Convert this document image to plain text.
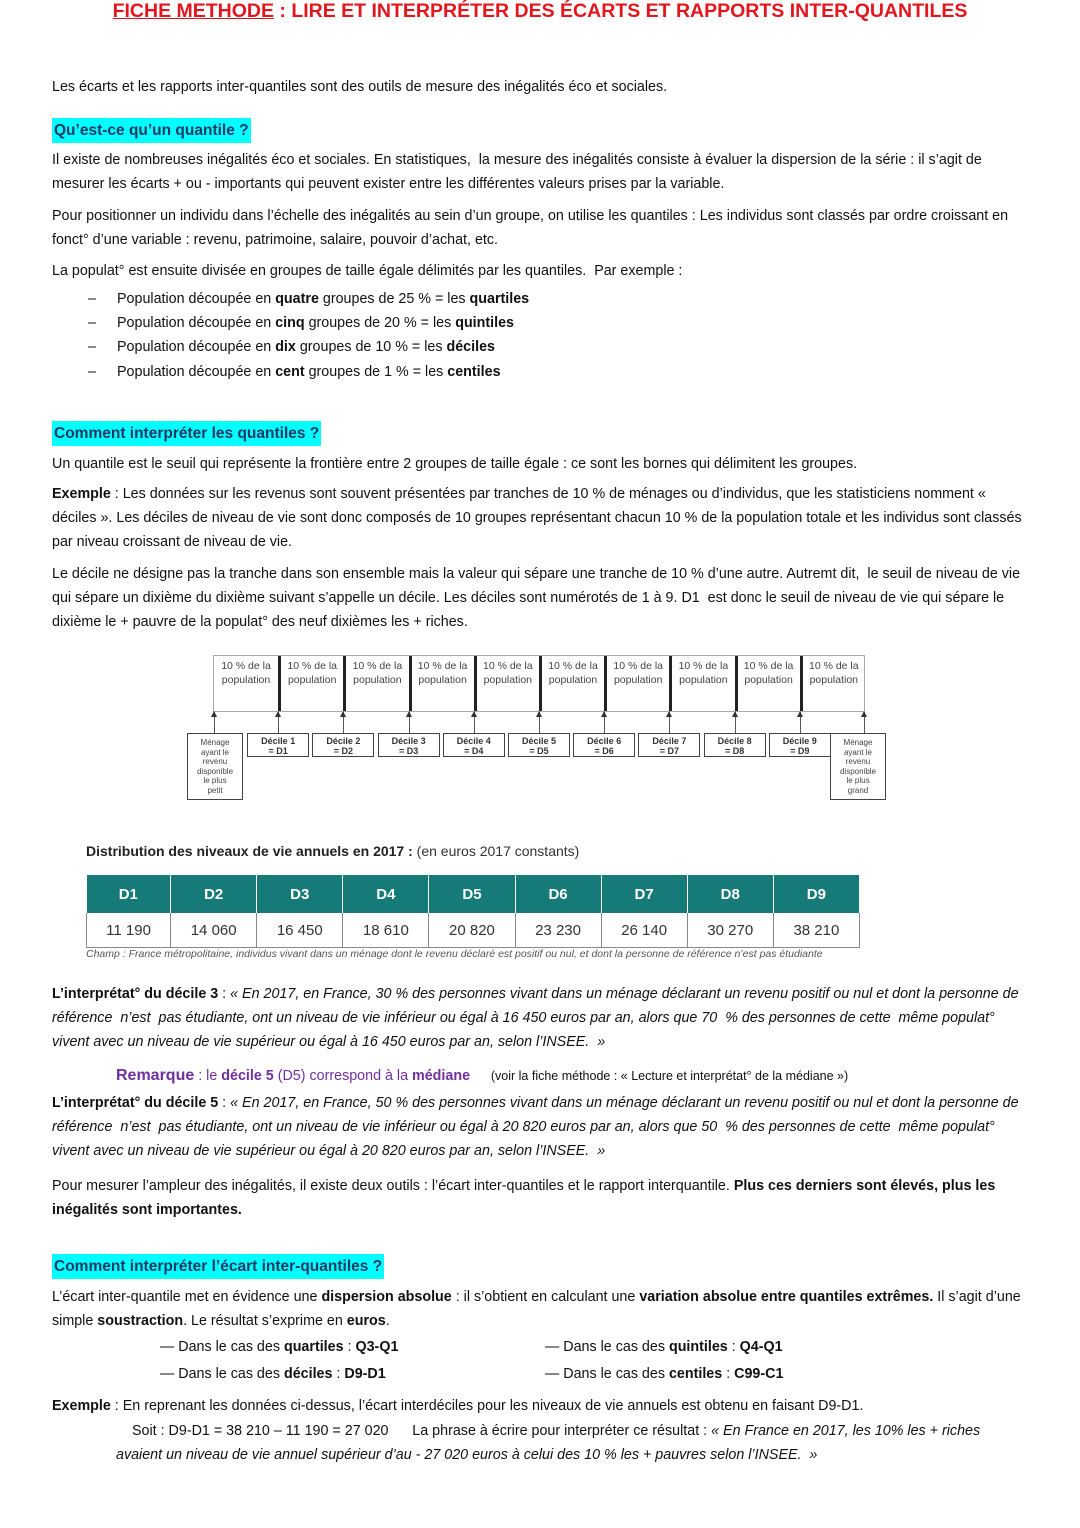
FICHE METHODE : LIRE ET INTERPRÉTER DES ÉCARTS ET RAPPORTS INTER-QUANTILES
Les écarts et les rapports inter-quantiles sont des outils de mesure des inégalités éco et sociales.
Qu’est-ce qu’un quantile ?
Il existe de nombreuses inégalités éco et sociales. En statistiques,  la mesure des inégalités consiste à évaluer la dispersion de la série : il s’agit de mesurer les écarts + ou - importants qui peuvent exister entre les différentes valeurs prises par la variable.
Pour positionner un individu dans l’échelle des inégalités au sein d’un groupe, on utilise les quantiles : Les individus sont classés par ordre croissant en fonct° d’une variable : revenu, patrimoine, salaire, pouvoir d’achat, etc.
La populat° est ensuite divisée en groupes de taille égale délimités par les quantiles.  Par exemple :
– Population découpée en quatre groupes de 25 % = les quartiles
– Population découpée en cinq groupes de 20 % = les quintiles
– Population découpée en dix groupes de 10 % = les déciles
– Population découpée en cent groupes de 1 % = les centiles
Comment interpréter les quantiles ?
Un quantile est le seuil qui représente la frontière entre 2 groupes de taille égale : ce sont les bornes qui délimitent les groupes.
Exemple : Les données sur les revenus sont souvent présentées par tranches de 10 % de ménages ou d’individus, que les statisticiens nomment « déciles ». Les déciles de niveau de vie sont donc composés de 10 groupes représentant chacun 10 % de la population totale et les individus sont classés par niveau croissant de niveau de vie.
Le décile ne désigne pas la tranche dans son ensemble mais la valeur qui sépare une tranche de 10 % d’une autre. Autremt dit,  le seuil de niveau de vie qui sépare un dixième du dixième suivant s’appelle un décile. Les déciles sont numérotés de 1 à 9. D1  est donc le seuil de niveau de vie qui sépare le dixième le + pauvre de la populat° des neuf dixièmes les + riches.
10 % de la
population
10 % de la
population
10 % de la
population
10 % de la
population
10 % de la
population
10 % de la
population
10 % de la
population
10 % de la
population
10 % de la
population
10 % de la
population
Ménage
ayant le
revenu
disponible
le plus
petit
Décile 1
= D1
Décile 2
= D2
Décile 3
= D3
Décile 4
= D4
Décile 5
= D5
Décile 6
= D6
Décile 7
= D7
Décile 8
= D8
Décile 9
= D9
Ménage
ayant le
revenu
disponible
le plus
grand
Distribution des niveaux de vie annuels en 2017 : (en euros 2017 constants)
D1	D2	D3	D4	D5	D6	D7	D8	D9
11 190	14 060	16 450	18 610	20 820	23 230	26 140	30 270	38 210
Champ : France métropolitaine, individus vivant dans un ménage dont le revenu déclaré est positif ou nul, et dont la personne de référence n’est pas étudiante
L’interprétat° du décile 3 : « En 2017, en France, 30 % des personnes vivant dans un ménage déclarant un revenu positif ou nul et dont la personne de référence  n’est  pas étudiante, ont un niveau de vie inférieur ou égal à 16 450 euros par an, alors que 70  % des personnes de cette  même populat° vivent avec un niveau de vie supérieur ou égal à 16 450 euros par an, selon l’INSEE.  »
Remarque : le décile 5 (D5) correspond à la médiane      (voir la fiche méthode : « Lecture et interprétat° de la médiane »)
L’interprétat° du décile 5 : « En 2017, en France, 50 % des personnes vivant dans un ménage déclarant un revenu positif ou nul et dont la personne de référence  n’est  pas étudiante, ont un niveau de vie inférieur ou égal à 20 820 euros par an, alors que 50  % des personnes de cette  même populat° vivent avec un niveau de vie supérieur ou égal à 20 820 euros par an, selon l’INSEE.  »
Pour mesurer l’ampleur des inégalités, il existe deux outils : l’écart inter-quantiles et le rapport interquantile. Plus ces derniers sont élevés, plus les inégalités sont importantes.
Comment interpréter l’écart inter-quantiles ?
L’écart inter-quantile met en évidence une dispersion absolue : il s’obtient en calculant une variation absolue entre quantiles extrêmes. Il s’agit d’une simple soustraction. Le résultat s’exprime en euros.
— Dans le cas des quartiles : Q3-Q1	— Dans le cas des quintiles : Q4-Q1
— Dans le cas des déciles : D9-D1	— Dans le cas des centiles : C99-C1
Exemple : En reprenant les données ci-dessus, l’écart interdéciles pour les niveaux de vie annuels est obtenu en faisant D9-D1.
Soit : D9-D1 = 38 210 – 11 190 = 27 020      La phrase à écrire pour interpréter ce résultat : « En France en 2017, les 10% les + riches avaient un niveau de vie annuel supérieur d’au - 27 020 euros à celui des 10 % les + pauvres selon l’INSEE.  »
